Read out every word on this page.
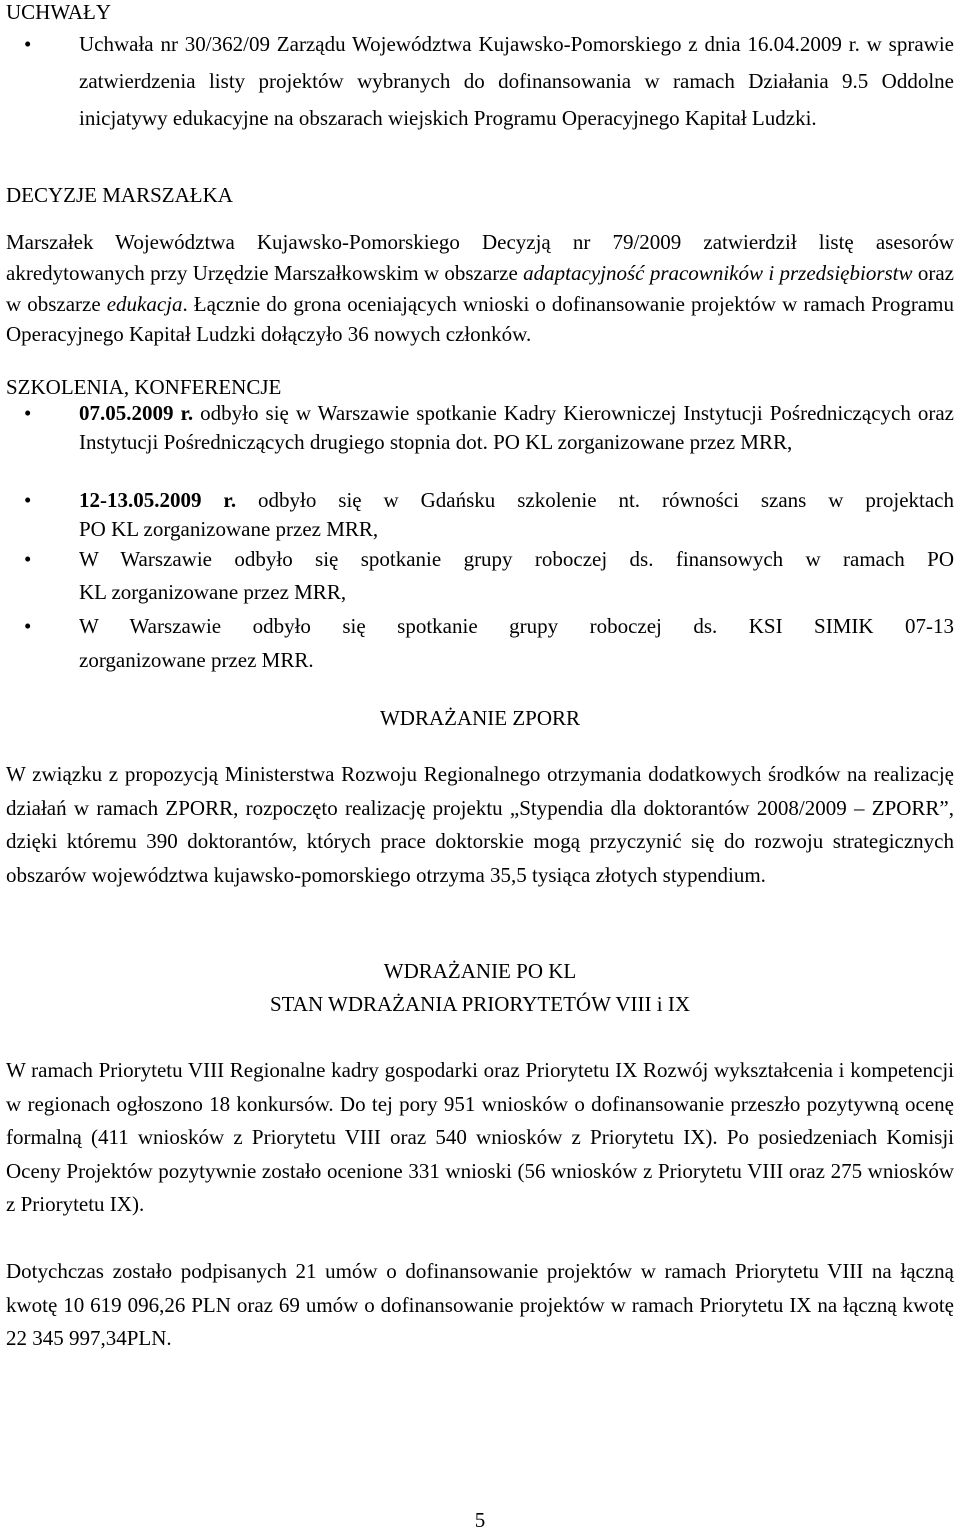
UCHWAŁY

• Uchwała nr 30/362/09 Zarządu Województwa Kujawsko-Pomorskiego z dnia 16.04.2009 r. w sprawie zatwierdzenia listy projektów wybranych do dofinansowania w ramach Działania 9.5 Oddolne inicjatywy edukacyjne na obszarach wiejskich Programu Operacyjnego Kapitał Ludzki.

DECYZJE MARSZAŁKA

Marszałek Województwa Kujawsko-Pomorskiego Decyzją nr 79/2009 zatwierdził listę asesorów akredytowanych przy Urzędzie Marszałkowskim w obszarze adaptacyjność pracowników i przedsiębiorstw oraz w obszarze edukacja. Łącznie do grona oceniających wnioski o dofinansowanie projektów w ramach Programu Operacyjnego Kapitał Ludzki dołączyło 36 nowych członków.

SZKOLENIA, KONFERENCJE

• 07.05.2009 r. odbyło się w Warszawie spotkanie Kadry Kierowniczej Instytucji Pośredniczących oraz Instytucji Pośredniczących drugiego stopnia dot. PO KL zorganizowane przez MRR,

• 12-13.05.2009 r. odbyło się w Gdańsku szkolenie nt. równości szans w projektach

PO KL zorganizowane przez MRR,

• W Warszawie odbyło się spotkanie grupy roboczej ds. finansowych w ramach PO

KL zorganizowane przez MRR,

• W Warszawie odbyło się spotkanie grupy roboczej ds. KSI SIMIK 07-13

zorganizowane przez MRR.

WDRAŻANIE ZPORR

W związku z propozycją Ministerstwa Rozwoju Regionalnego otrzymania dodatkowych środków na realizację działań w ramach ZPORR, rozpoczęto realizację projektu „Stypendia dla doktorantów 2008/2009 – ZPORR”, dzięki któremu 390 doktorantów, których prace doktorskie mogą przyczynić się do rozwoju strategicznych obszarów województwa kujawsko-pomorskiego otrzyma 35,5 tysiąca złotych stypendium.

WDRAŻANIE PO KL
STAN WDRAŻANIA PRIORYTETÓW VIII i IX

W ramach Priorytetu VIII Regionalne kadry gospodarki oraz Priorytetu IX Rozwój wykształcenia i kompetencji w regionach ogłoszono 18 konkursów. Do tej pory 951 wniosków o dofinansowanie przeszło pozytywną ocenę formalną (411 wniosków z Priorytetu VIII oraz 540 wniosków z Priorytetu IX). Po posiedzeniach Komisji Oceny Projektów pozytywnie zostało ocenione 331 wnioski (56 wniosków z Priorytetu VIII oraz 275 wniosków z Priorytetu IX).

Dotychczas zostało podpisanych 21 umów o dofinansowanie projektów w ramach Priorytetu VIII na łączną kwotę 10 619 096,26 PLN oraz 69 umów o dofinansowanie projektów w ramach Priorytetu IX na łączną kwotę 22 345 997,34PLN.

5
